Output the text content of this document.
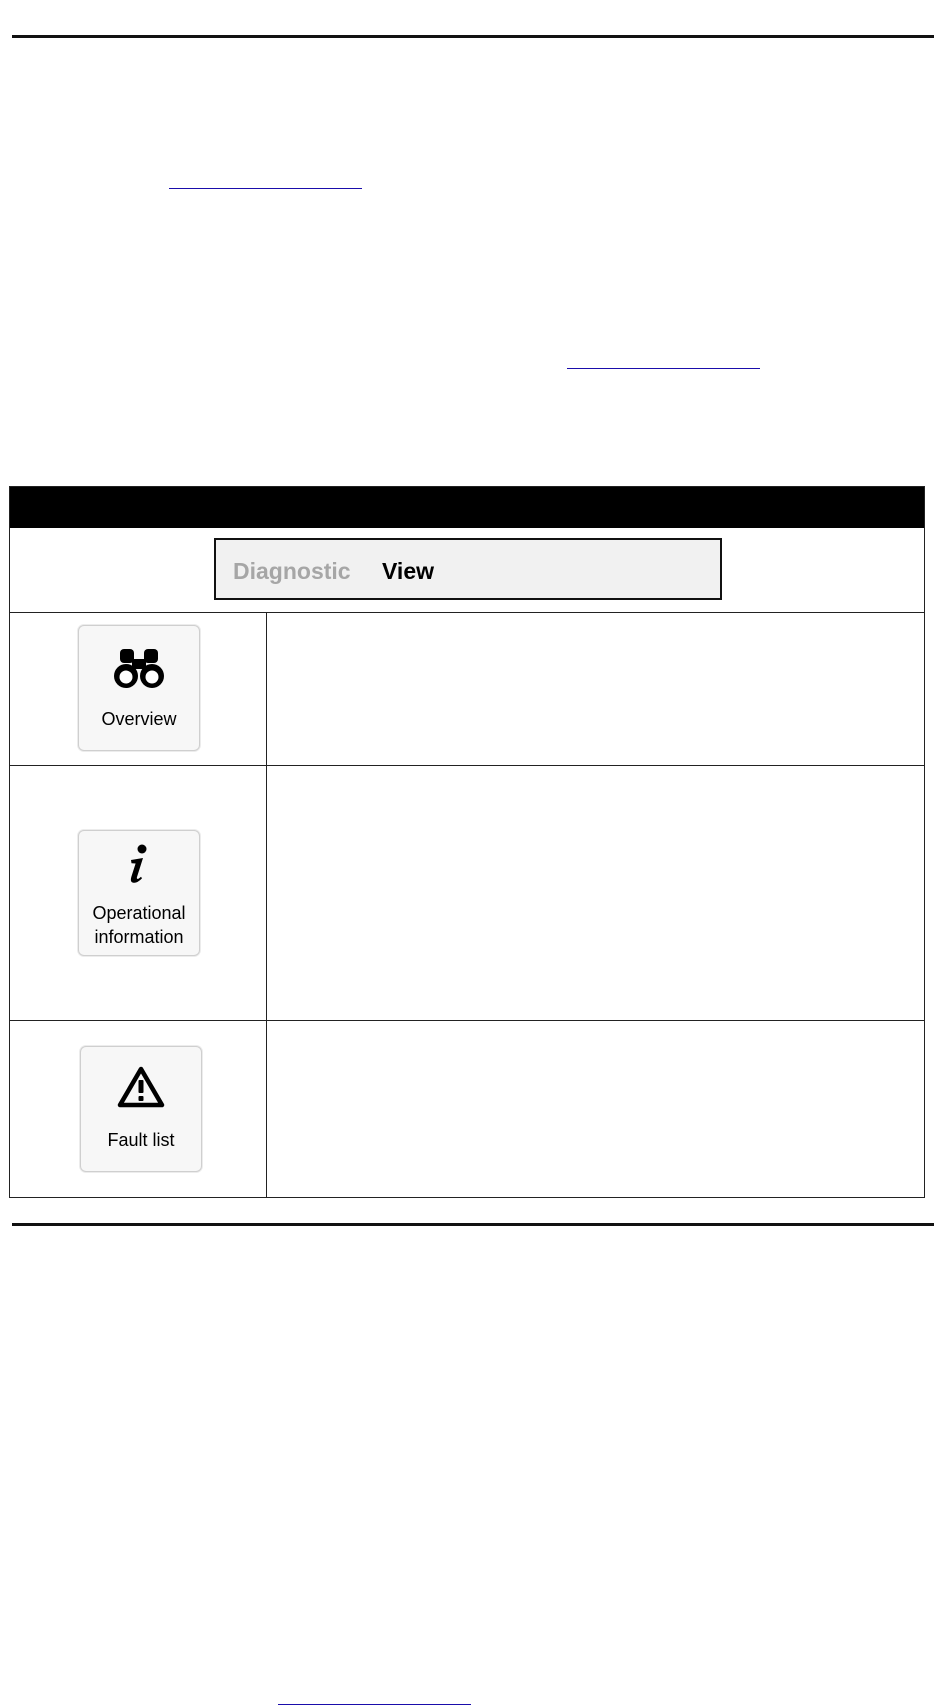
Diagnostic View
Overview
Operational
information
Fault list
